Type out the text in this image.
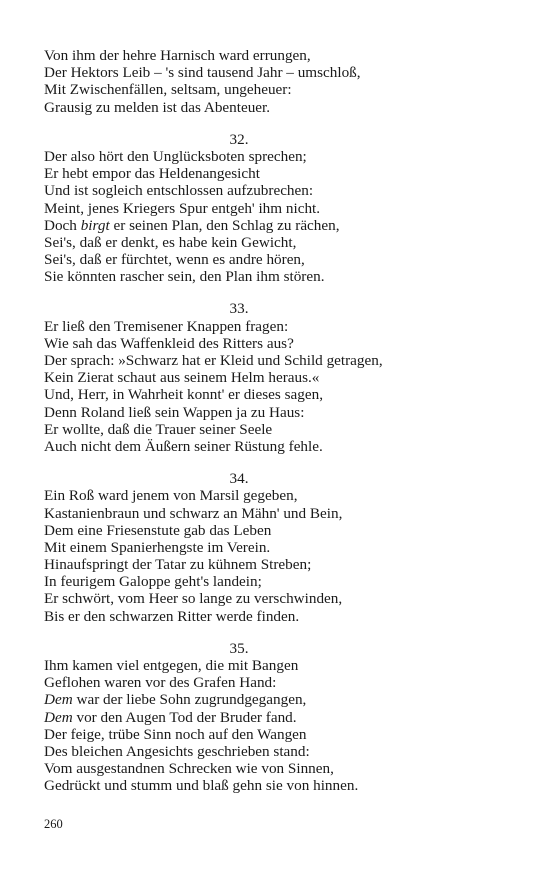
Von ihm der hehre Harnisch ward errungen,
Der Hektors Leib – 's sind tausend Jahr – umschloß,
Mit Zwischenfällen, seltsam, ungeheuer:
Grausig zu melden ist das Abenteuer.
32.
Der also hört den Unglücksboten sprechen;
Er hebt empor das Heldenangesicht
Und ist sogleich entschlossen aufzubrechen:
Meint, jenes Kriegers Spur entgeh' ihm nicht.
Doch birgt er seinen Plan, den Schlag zu rächen,
Sei's, daß er denkt, es habe kein Gewicht,
Sei's, daß er fürchtet, wenn es andre hören,
Sie könnten rascher sein, den Plan ihm stören.
33.
Er ließ den Tremisener Knappen fragen:
Wie sah das Waffenkleid des Ritters aus?
Der sprach: »Schwarz hat er Kleid und Schild getragen,
Kein Zierat schaut aus seinem Helm heraus.«
Und, Herr, in Wahrheit konnt' er dieses sagen,
Denn Roland ließ sein Wappen ja zu Haus:
Er wollte, daß die Trauer seiner Seele
Auch nicht dem Äußern seiner Rüstung fehle.
34.
Ein Roß ward jenem von Marsil gegeben,
Kastanienbraun und schwarz an Mähn' und Bein,
Dem eine Friesenstute gab das Leben
Mit einem Spanierhengste im Verein.
Hinaufspringt der Tatar zu kühnem Streben;
In feurigem Galoppe geht's landein;
Er schwört, vom Heer so lange zu verschwinden,
Bis er den schwarzen Ritter werde finden.
35.
Ihm kamen viel entgegen, die mit Bangen
Geflohen waren vor des Grafen Hand:
Dem war der liebe Sohn zugrundgegangen,
Dem vor den Augen Tod der Bruder fand.
Der feige, trübe Sinn noch auf den Wangen
Des bleichen Angesichts geschrieben stand:
Vom ausgestandnen Schrecken wie von Sinnen,
Gedrückt und stumm und blaß gehn sie von hinnen.
260
